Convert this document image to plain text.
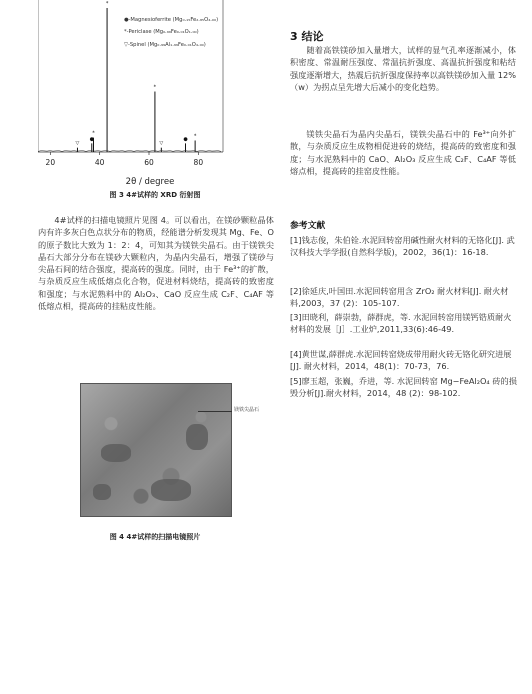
●-Magnesioferrite (Mg₀.₁₅Fe₂.₈₅O₄.₀₀)
*-Periclase (Mg₀.₉₉Fe₀.₀₁O₁.₀₀)
▽-Spinel (Mg₀.₉₉Al₁.₉₉Fe₀.₀₁O₄.₀₀)
20	40	60	80
▽
●
*
*
*
▽
● *
2θ / degree
图 3 4#试样的 XRD 衍射图

4#试样的扫描电镜照片见图 4。可以看出，在镁砂颗粒晶体内有许多灰白色点状分布的物质，经能谱分析发现其 Mg、Fe、O 的原子数比大致为 1：2：4，可知其为镁铁尖晶石。由于镁铁尖晶石大部分分布在镁砂大颗粒内，为晶内尖晶石，增强了镁砂与尖晶石间的结合强度，提高砖的强度。同时，由于 Fe³⁺的扩散，与杂质反应生成低熔点化合物，促进材料烧结，提高砖的致密度和强度；与水泥熟料中的 Al₂O₃、CaO 反应生成 C₂F、C₄AF 等低熔点相，提高砖的挂粘皮性能。

镁铁尖晶石
图 4 4#试样的扫描电镜照片
3 结论

随着高铁镁砂加入量增大，试样的显气孔率逐渐减小，体积密度、常温耐压强度、常温抗折强度、高温抗折强度和粘结强度逐渐增大，热震后抗折强度保持率以高铁镁砂加入量 12%（w）为拐点呈先增大后减小的变化趋势。

镁铁尖晶石为晶内尖晶石，镁铁尖晶石中的 Fe³⁺向外扩散，与杂质反应生成物相促进砖的烧结，提高砖的致密度和强度；与水泥熟料中的 CaO、Al₂O₃ 反应生成 C₂F、C₄AF 等低熔点相，提高砖的挂窑皮性能。

参考文献

[1]钱志俊，朱伯铨.水泥回转窑用碱性耐火材料的无铬化[J]. 武汉科技大学学报(自然科学版)，2002，36(1)：16-18.

[2]徐延庆,叶国田.水泥回转窑用含 ZrO₂ 耐火材料[J]. 耐火材料,2003，37 (2)：105-107.

[3]田晓利，薛崇勃，薛群虎，等. 水泥回转窑用镁钙锆质耐火材料的发展［J］.工业炉,2011,33(6):46-49.

[4]黄世谋,薛群虎.水泥回转窑烧成带用耐火砖无铬化研究进展[J]. 耐火材料，2014，48(1)：70-73，76.

[5]廖玉超，张巍，乔进，等. 水泥回转窑 Mg−FeAl₂O₄ 砖的损毁分析[J].耐火材料，2014，48 (2)：98-102.
